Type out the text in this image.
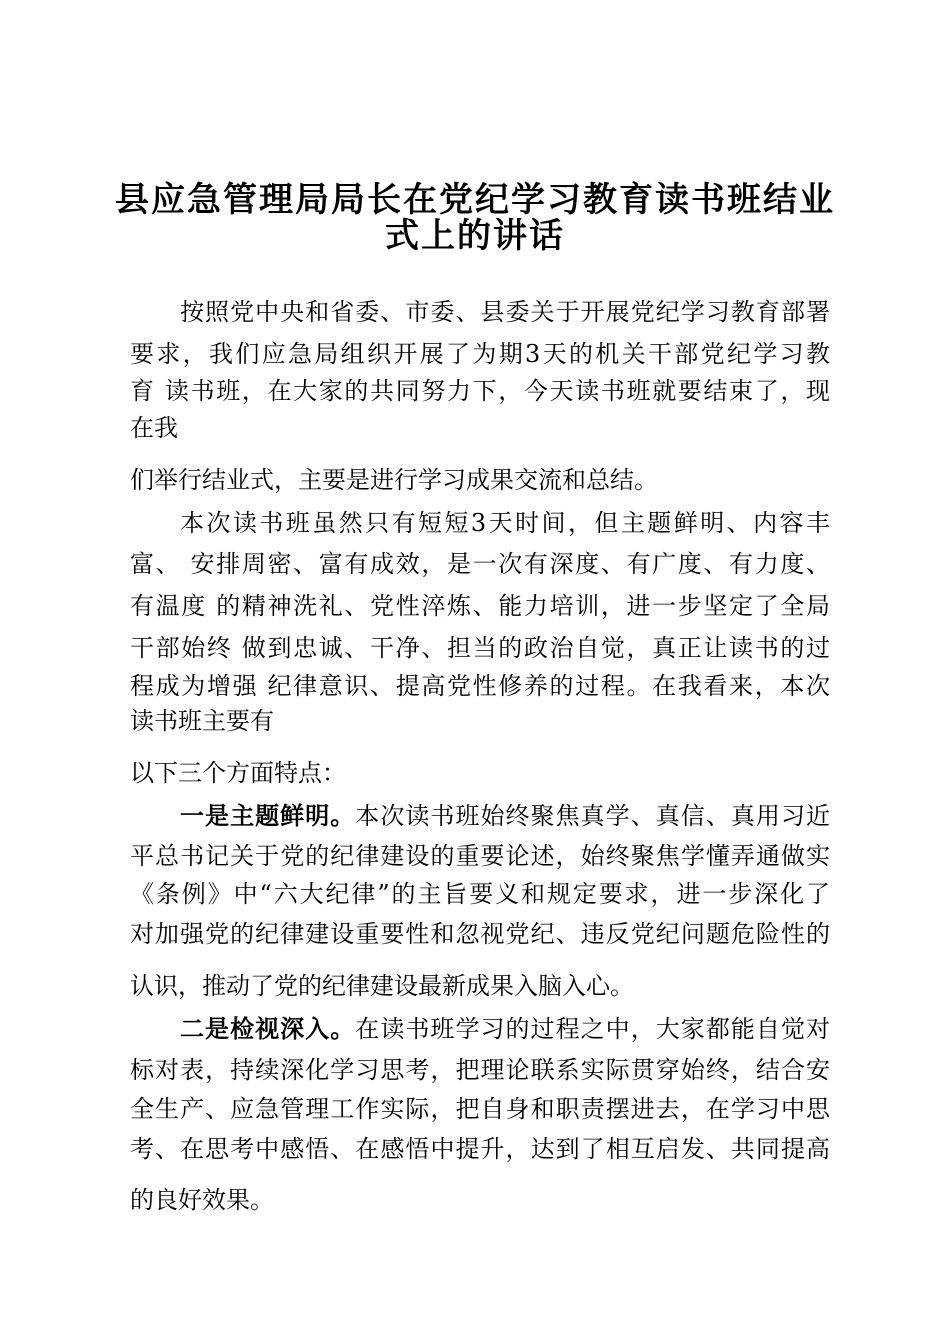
县应急管理局局长在党纪学习教育读书班结业
式上的讲话
按照党中央和省委、市委、县委关于开展党纪学习教育部署
要求，我们应急局组织开展了为期3天的机关干部党纪学习教
育 读书班，在大家的共同努力下，今天读书班就要结束了，现
在我
们举行结业式，主要是进行学习成果交流和总结。
本次读书班虽然只有短短3天时间，但主题鲜明、内容丰
富、 安排周密、富有成效，是一次有深度、有广度、有力度、
有温度 的精神洗礼、党性淬炼、能力培训，进一步坚定了全局
干部始终 做到忠诚、干净、担当的政治自觉，真正让读书的过
程成为增强 纪律意识、提高党性修养的过程。在我看来，本次
读书班主要有
以下三个方面特点：
一是主题鲜明。本次读书班始终聚焦真学、真信、真用习近
平总书记关于党的纪律建设的重要论述，始终聚焦学懂弄通做实
《条例》中“六大纪律”的主旨要义和规定要求，进一步深化了
对加强党的纪律建设重要性和忽视党纪、违反党纪问题危险性的
认识，推动了党的纪律建设最新成果入脑入心。
二是检视深入。在读书班学习的过程之中，大家都能自觉对
标对表，持续深化学习思考，把理论联系实际贯穿始终，结合安
全生产、应急管理工作实际，把自身和职责摆进去，在学习中思
考、在思考中感悟、在感悟中提升，达到了相互启发、共同提高
的良好效果。
